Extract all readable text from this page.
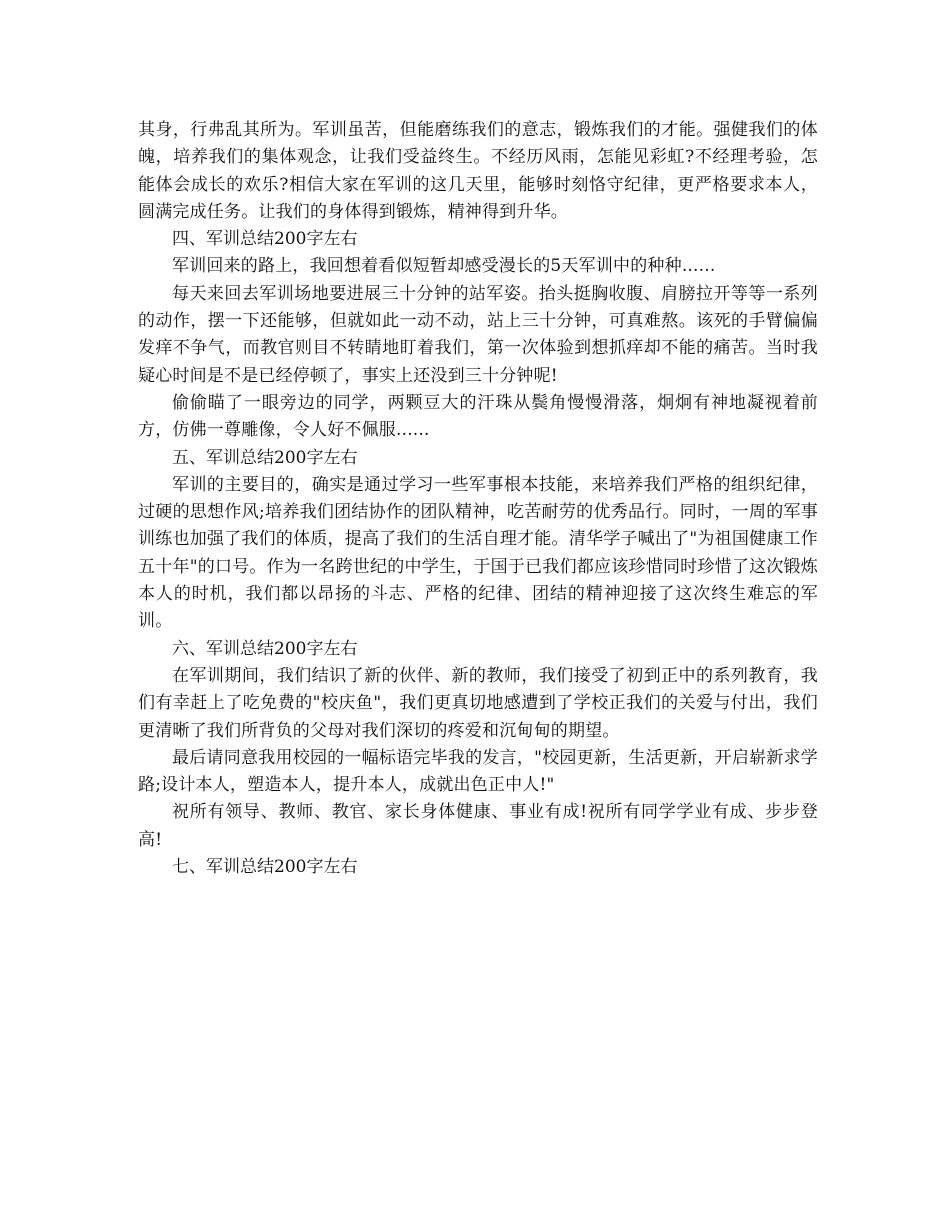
其身，行弗乱其所为。军训虽苦，但能磨练我们的意志，锻炼我们的才能。强健我们的体魄，培养我们的集体观念，让我们受益终生。不经历风雨，怎能见彩虹?不经理考验，怎能体会成长的欢乐?相信大家在军训的这几天里，能够时刻恪守纪律，更严格要求本人，圆满完成任务。让我们的身体得到锻炼，精神得到升华。

四、军训总结200字左右

军训回来的路上，我回想着看似短暂却感受漫长的5天军训中的种种......

每天来回去军训场地要进展三十分钟的站军姿。抬头挺胸收腹、肩膀拉开等等一系列的动作，摆一下还能够，但就如此一动不动，站上三十分钟，可真难熬。该死的手臂偏偏发痒不争气，而教官则目不转睛地盯着我们，第一次体验到想抓痒却不能的痛苦。当时我疑心时间是不是已经停顿了，事实上还没到三十分钟呢!

偷偷瞄了一眼旁边的同学，两颗豆大的汗珠从鬓角慢慢滑落，炯炯有神地凝视着前方，仿佛一尊雕像，令人好不佩服......

五、军训总结200字左右

军训的主要目的，确实是通过学习一些军事根本技能，来培养我们严格的组织纪律，过硬的思想作风;培养我们团结协作的团队精神，吃苦耐劳的优秀品行。同时，一周的军事训练也加强了我们的体质，提高了我们的生活自理才能。清华学子喊出了"为祖国健康工作五十年"的口号。作为一名跨世纪的中学生，于国于已我们都应该珍惜同时珍惜了这次锻炼本人的时机，我们都以昂扬的斗志、严格的纪律、团结的精神迎接了这次终生难忘的军训。

六、军训总结200字左右

在军训期间，我们结识了新的伙伴、新的教师，我们接受了初到正中的系列教育，我们有幸赶上了吃免费的"校庆鱼"，我们更真切地感遭到了学校正我们的关爱与付出，我们更清晰了我们所背负的父母对我们深切的疼爱和沉甸甸的期望。

最后请同意我用校园的一幅标语完毕我的发言，"校园更新，生活更新，开启崭新求学路;设计本人，塑造本人，提升本人，成就出色正中人!"

祝所有领导、教师、教官、家长身体健康、事业有成!祝所有同学学业有成、步步登高!

七、军训总结200字左右
